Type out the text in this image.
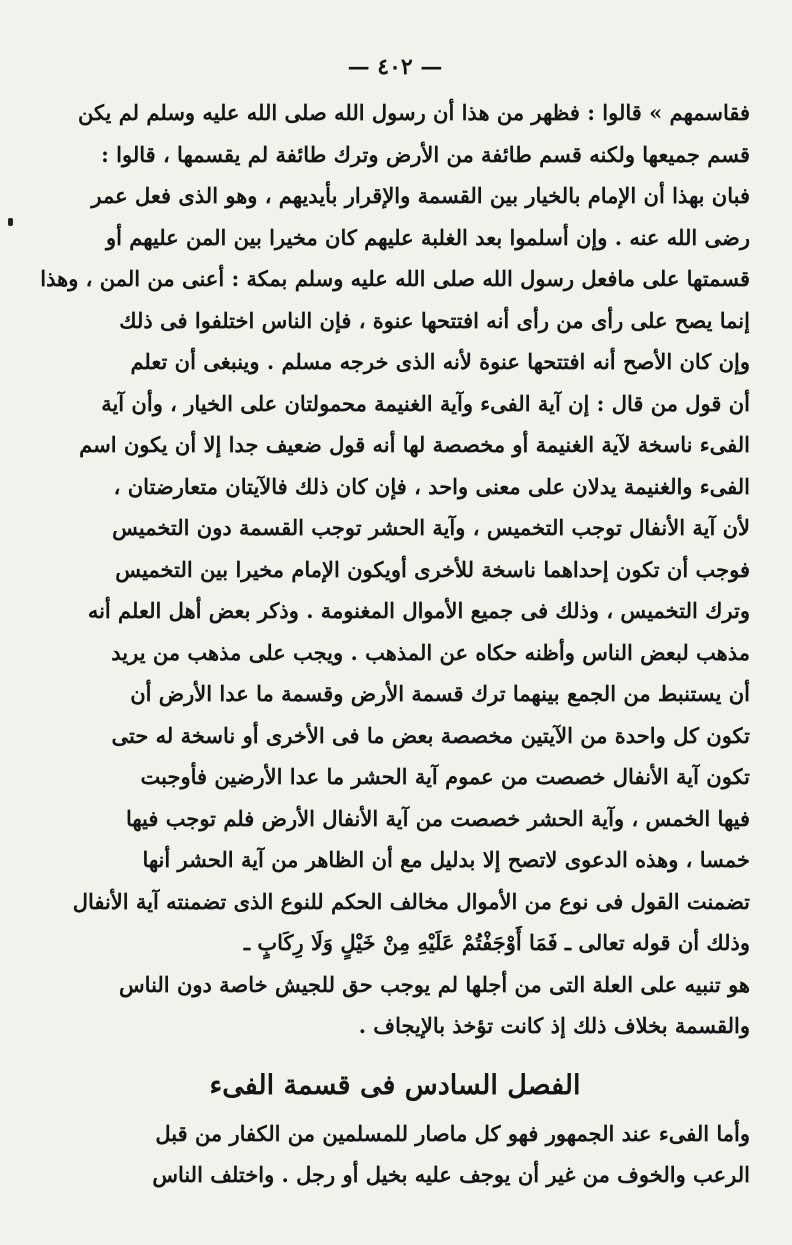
— ٤٠٢ —
فقاسمهم » قالوا : فظهر من هذا أن رسول الله صلى الله عليه وسلم لم يكن
قسم جميعها ولكنه قسم طائفة من الأرض وترك طائفة لم يقسمها ، قالوا :
فبان بهذا أن الإمام بالخيار بين القسمة والإقرار بأيديهم ، وهو الذى فعل عمر
رضى الله عنه . وإن أسلموا بعد الغلبة عليهم كان مخيرا بين المن عليهم أو
قسمتها على مافعل رسول الله صلى الله عليه وسلم بمكة : أعنى من المن ، وهذا
إنما يصح على رأى من رأى أنه افتتحها عنوة ، فإن الناس اختلفوا فى ذلك
وإن كان الأصح أنه افتتحها عنوة لأنه الذى خرجه مسلم . وينبغى أن تعلم
أن قول من قال : إن آية الفىء وآية الغنيمة محمولتان على الخيار ، وأن آية
الفىء ناسخة لآية الغنيمة أو مخصصة لها أنه قول ضعيف جدا إلا أن يكون اسم
الفىء والغنيمة يدلان على معنى واحد ، فإن كان ذلك فالآيتان متعارضتان ،
لأن آية الأنفال توجب التخميس ، وآية الحشر توجب القسمة دون التخميس
فوجب أن تكون إحداهما ناسخة للأخرى أويكون الإمام مخيرا بين التخميس
وترك التخميس ، وذلك فى جميع الأموال المغنومة . وذكر بعض أهل العلم أنه
مذهب لبعض الناس وأظنه حكاه عن المذهب . ويجب على مذهب من يريد
أن يستنبط من الجمع بينهما ترك قسمة الأرض وقسمة ما عدا الأرض أن
تكون كل واحدة من الآيتين مخصصة بعض ما فى الأخرى أو ناسخة له حتى
تكون آية الأنفال خصصت من عموم آية الحشر ما عدا الأرضين فأوجبت
فيها الخمس ، وآية الحشر خصصت من آية الأنفال الأرض فلم توجب فيها
خمسا ، وهذه الدعوى لاتصح إلا بدليل مع أن الظاهر من آية الحشر أنها
تضمنت القول فى نوع من الأموال مخالف الحكم للنوع الذى تضمنته آية الأنفال
وذلك أن قوله تعالى ـ فَمَا أَوْجَفْتُمْ عَلَيْهِ مِنْ خَيْلٍ وَلَا رِكَابٍ ـ
هو تنبيه على العلة التى من أجلها لم يوجب حق للجيش خاصة دون الناس
والقسمة بخلاف ذلك إذ كانت تؤخذ بالإيجاف .
الفصل السادس فى قسمة الفىء
وأما الفىء عند الجمهور فهو كل ماصار للمسلمين من الكفار من قبل
الرعب والخوف من غير أن يوجف عليه بخيل أو رجل . واختلف الناس
